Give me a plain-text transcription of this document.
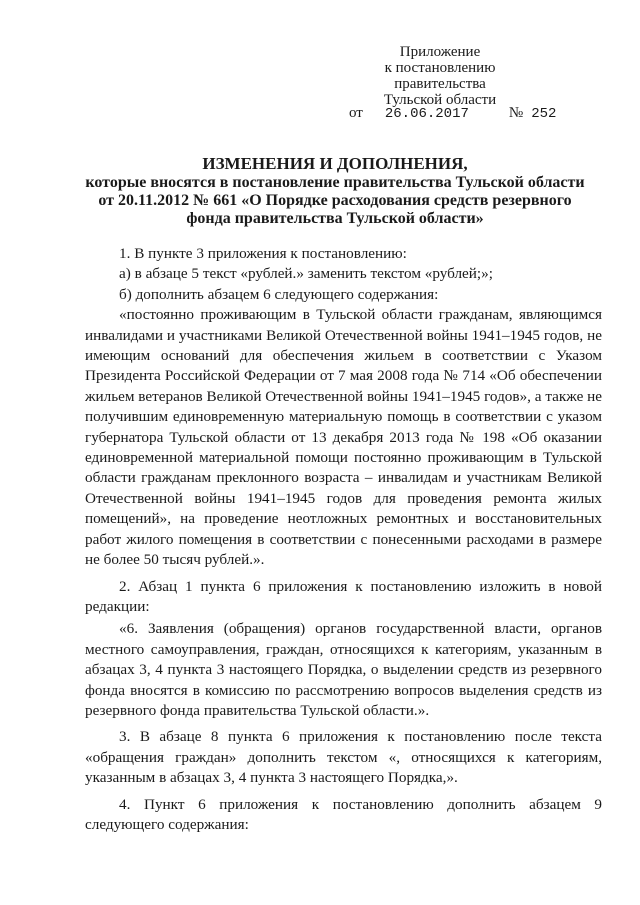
Приложение
к постановлению правительства
Тульской области
от 26.06.2017	№ 252
ИЗМЕНЕНИЯ И ДОПОЛНЕНИЯ,
которые вносятся в постановление правительства Тульской области от 20.11.2012 № 661 «О Порядке расходования средств резервного фонда правительства Тульской области»

1. В пункте 3 приложения к постановлению:

а) в абзаце 5 текст «рублей.» заменить текстом «рублей;»;

б) дополнить абзацем 6 следующего содержания:

«постоянно проживающим в Тульской области гражданам, являющимся инвалидами и участниками Великой Отечественной войны 1941–1945 годов, не имеющим оснований для обеспечения жильем в соответствии с Указом Президента Российской Федерации от 7 мая 2008 года № 714 «Об обеспечении жильем ветеранов Великой Отечественной войны 1941–1945 годов», а также не получившим единовременную материальную помощь в соответствии с указом губернатора Тульской области от 13 декабря 2013 года № 198 «Об оказании единовременной материальной помощи постоянно проживающим в Тульской области гражданам преклонного возраста – инвалидам и участникам Великой Отечественной войны 1941–1945 годов для проведения ремонта жилых помещений», на проведение неотложных ремонтных и восстановительных работ жилого помещения в соответствии с понесенными расходами в размере не более 50 тысяч рублей.».

2. Абзац 1 пункта 6 приложения к постановлению изложить в новой редакции:

«6. Заявления (обращения) органов государственной власти, органов местного самоуправления, граждан, относящихся к категориям, указанным в абзацах 3, 4 пункта 3 настоящего Порядка, о выделении средств из резервного фонда вносятся в комиссию по рассмотрению вопросов выделения средств из резервного фонда правительства Тульской области.».

3. В абзаце 8 пункта 6 приложения к постановлению после текста «обращения граждан» дополнить текстом «, относящихся к категориям, указанным в абзацах 3, 4 пункта 3 настоящего Порядка,».

4. Пункт 6 приложения к постановлению дополнить абзацем 9 следующего содержания:
